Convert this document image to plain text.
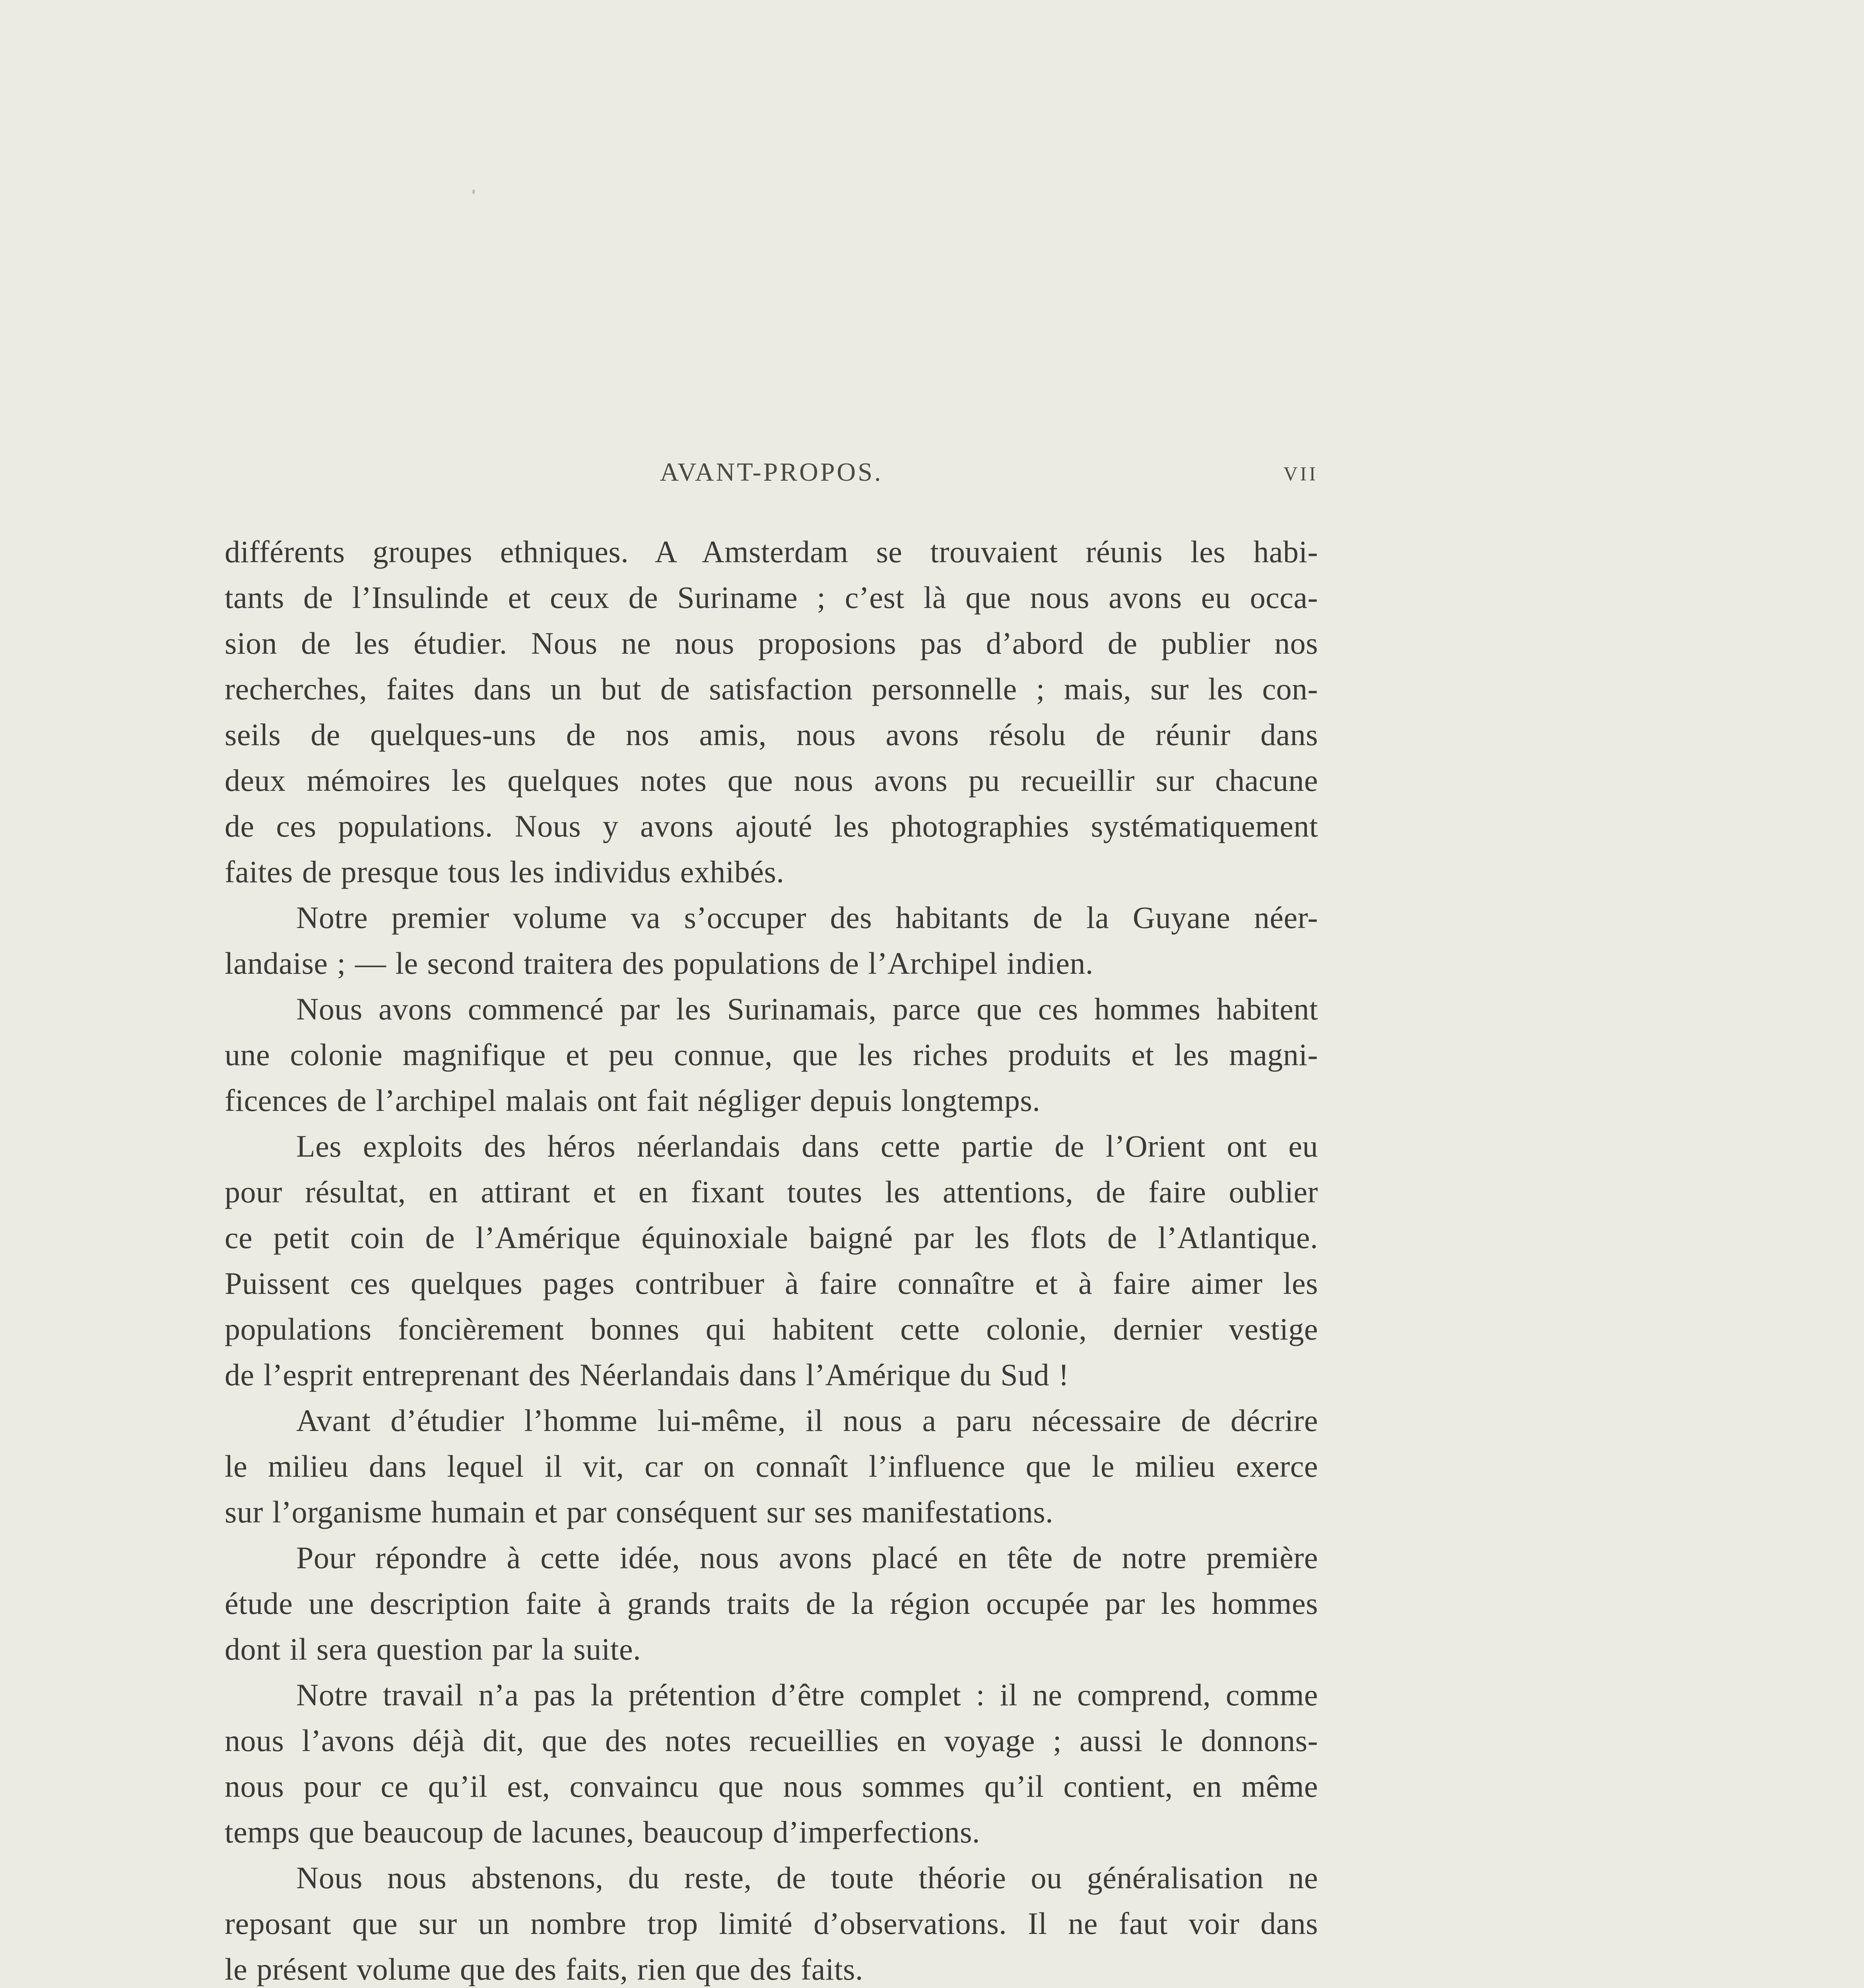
AVANT-PROPOS.	VII
différents groupes ethniques. A Amsterdam se trouvaient réunis les habi-
tants de l’Insulinde et ceux de Suriname ; c’est là que nous avons eu occa-
sion de les étudier. Nous ne nous proposions pas d’abord de publier nos
recherches, faites dans un but de satisfaction personnelle ; mais, sur les con-
seils de quelques-uns de nos amis, nous avons résolu de réunir dans
deux mémoires les quelques notes que nous avons pu recueillir sur chacune
de ces populations. Nous y avons ajouté les photographies systématiquement
faites de presque tous les individus exhibés.
Notre premier volume va s’occuper des habitants de la Guyane néer-
landaise ; — le second traitera des populations de l’Archipel indien.
Nous avons commencé par les Surinamais, parce que ces hommes habitent
une colonie magnifique et peu connue, que les riches produits et les magni-
ficences de l’archipel malais ont fait négliger depuis longtemps.
Les exploits des héros néerlandais dans cette partie de l’Orient ont eu
pour résultat, en attirant et en fixant toutes les attentions, de faire oublier
ce petit coin de l’Amérique équinoxiale baigné par les flots de l’Atlantique.
Puissent ces quelques pages contribuer à faire connaître et à faire aimer les
populations foncièrement bonnes qui habitent cette colonie, dernier vestige
de l’esprit entreprenant des Néerlandais dans l’Amérique du Sud !
Avant d’étudier l’homme lui-même, il nous a paru nécessaire de décrire
le milieu dans lequel il vit, car on connaît l’influence que le milieu exerce
sur l’organisme humain et par conséquent sur ses manifestations.
Pour répondre à cette idée, nous avons placé en tête de notre première
étude une description faite à grands traits de la région occupée par les hommes
dont il sera question par la suite.
Notre travail n’a pas la prétention d’être complet : il ne comprend, comme
nous l’avons déjà dit, que des notes recueillies en voyage ; aussi le donnons-
nous pour ce qu’il est, convaincu que nous sommes qu’il contient, en même
temps que beaucoup de lacunes, beaucoup d’imperfections.
Nous nous abstenons, du reste, de toute théorie ou généralisation ne
reposant que sur un nombre trop limité d’observations. Il ne faut voir dans
le présent volume que des faits, rien que des faits.
